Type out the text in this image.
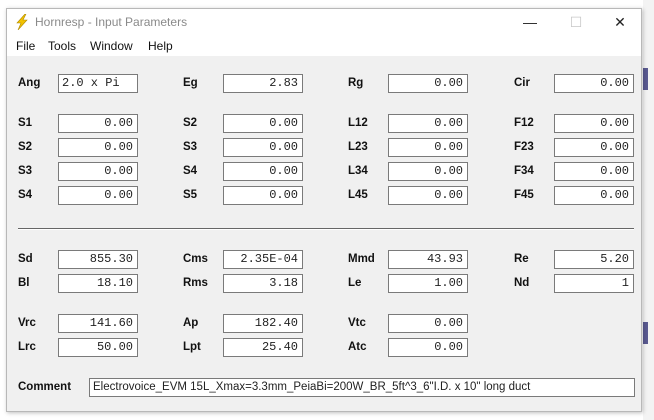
Hornresp - Input Parameters	—	☐	✕
File Tools Window Help
Ang	2.0 x Pi	Eg	2.83	Rg	0.00	Cir	0.00
S1	0.00	S2	0.00	L12	0.00	F12	0.00
S2	0.00	S3	0.00	L23	0.00	F23	0.00
S3	0.00	S4	0.00	L34	0.00	F34	0.00
S4	0.00	S5	0.00	L45	0.00	F45	0.00
Sd	855.30	Cms	2.35E-04	Mmd	43.93	Re	5.20
Bl	18.10	Rms	3.18	Le	1.00	Nd	1
Vrc	141.60	Ap	182.40	Vtc	0.00
Lrc	50.00	Lpt	25.40	Atc	0.00
Comment	Electrovoice_EVM 15L_Xmax=3.3mm_PeiaBi=200W_BR_5ft^3_6"I.D. x 10" long duct
